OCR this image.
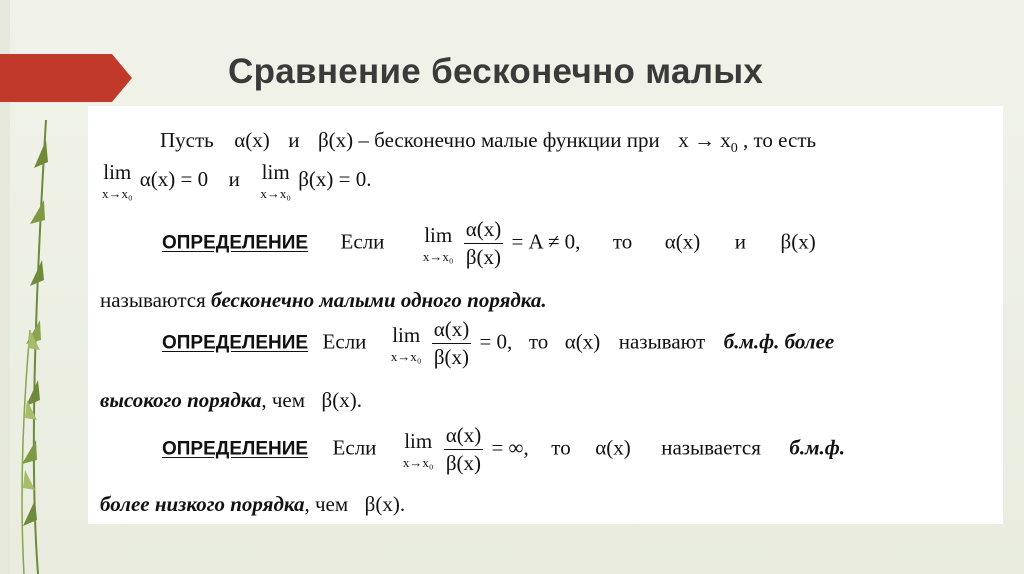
Сравнение бесконечно малых
Пусть α(x) и β(x) – бесконечно малые функции при $x \to x_0$ , то есть
lim
x→x₀
α(x) = 0 и lim
x→x₀
β(x) = 0.
ОПРЕДЕЛЕНИЕ Если lim
x→x₀
$\frac{\alpha(x)}{\beta(x)} = A \ne 0$, то α(x) и β(x)
называются бесконечно малыми одного порядка.
ОПРЕДЕЛЕНИЕ Если lim
x→x₀
$\frac{\alpha(x)}{\beta(x)} = 0$, то α(x) называют б.м.ф. более
высокого порядка, чем β(x).
ОПРЕДЕЛЕНИЕ Если lim
x→x₀
$\frac{\alpha(x)}{\beta(x)}$ = ∞, то α(x) называется б.м.ф.
более низкого порядка, чем β(x).
